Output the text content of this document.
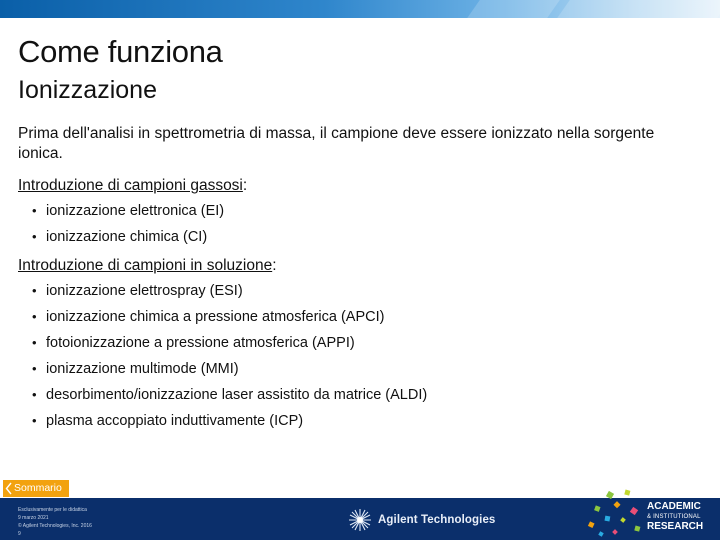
Come funziona
Ionizzazione

Prima dell'analisi in spettrometria di massa, il campione deve essere ionizzato nella sorgente ionica.

Introduzione di campioni gassosi:

• ionizzazione elettronica (EI)
• ionizzazione chimica (CI)

Introduzione di campioni in soluzione:

• ionizzazione elettrospray (ESI)
• ionizzazione chimica a pressione atmosferica (APCI)
• fotoionizzazione a pressione atmosferica (APPI)
• ionizzazione multimode (MMI)
• desorbimento/ionizzazione laser assistito da matrice (ALDI)
• plasma accoppiato induttivamente (ICP)
Sommario
Esclusivamente per le didattica
9 marzo 2021
© Agilent Technologies, Inc. 2016
9
Agilent Technologies
ACADEMIC
& INSTITUTIONAL
RESEARCH
